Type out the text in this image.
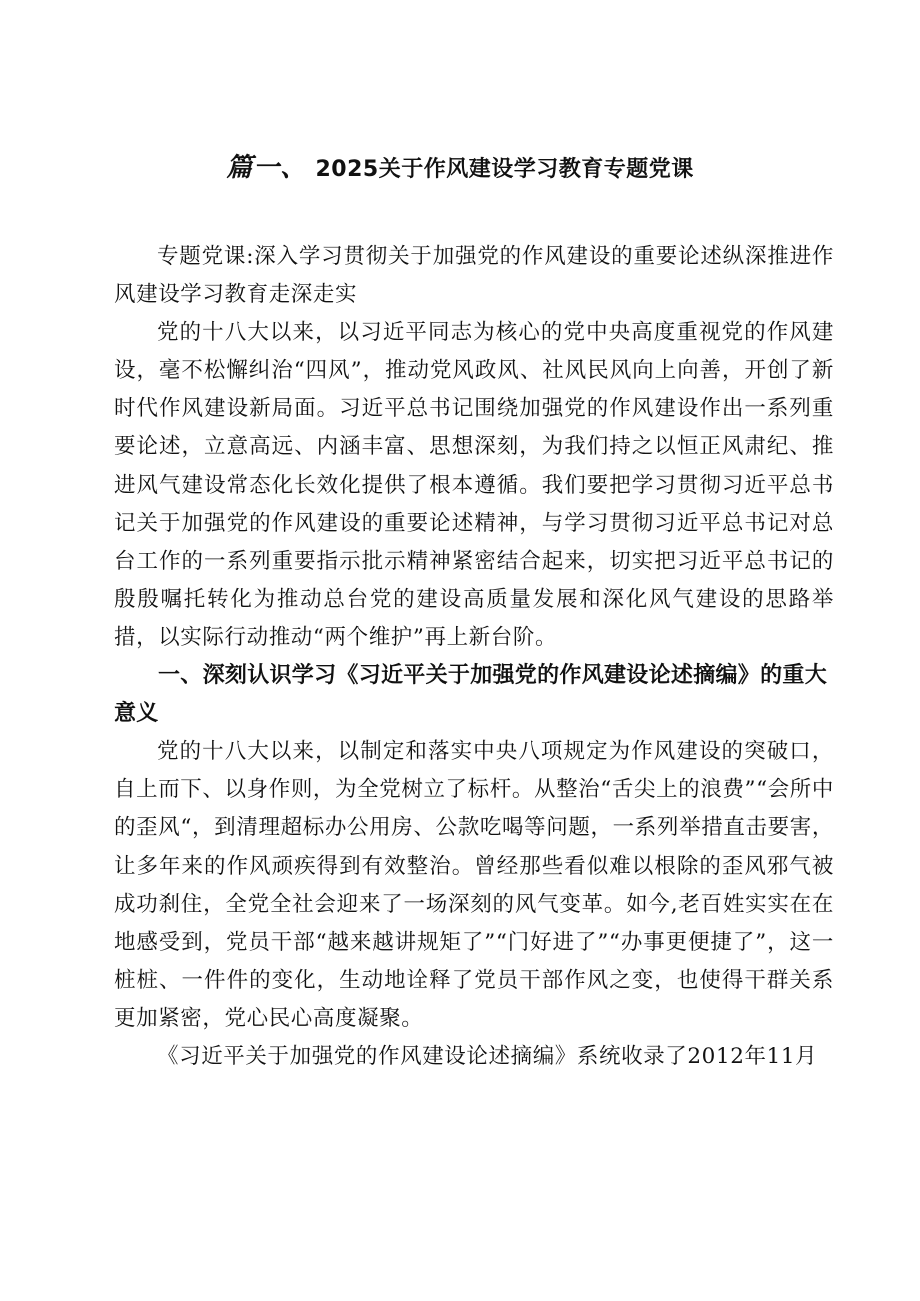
篇一、 2025关于作风建设学习教育专题党课

专题党课:深入学习贯彻关于加强党的作风建设的重要论述纵深推进作风建设学习教育走深走实

党的十八大以来，以习近平同志为核心的党中央高度重视党的作风建设，毫不松懈纠治“四风”，推动党风政风、社风民风向上向善，开创了新时代作风建设新局面。习近平总书记围绕加强党的作风建设作出一系列重要论述，立意高远、内涵丰富、思想深刻，为我们持之以恒正风肃纪、推进风气建设常态化长效化提供了根本遵循。我们要把学习贯彻习近平总书记关于加强党的作风建设的重要论述精神，与学习贯彻习近平总书记对总台工作的一系列重要指示批示精神紧密结合起来，切实把习近平总书记的殷殷嘱托转化为推动总台党的建设高质量发展和深化风气建设的思路举措，以实际行动推动“两个维护”再上新台阶。

一、深刻认识学习《习近平关于加强党的作风建设论述摘编》的重大意义

党的十八大以来，以制定和落实中央八项规定为作风建设的突破口，自上而下、以身作则，为全党树立了标杆。从整治“舌尖上的浪费”“会所中的歪风“，到清理超标办公用房、公款吃喝等问题，一系列举措直击要害，让多年来的作风顽疾得到有效整治。曾经那些看似难以根除的歪风邪气被成功刹住，全党全社会迎来了一场深刻的风气变革。如今,老百姓实实在在地感受到，党员干部“越来越讲规矩了”“门好进了”“办事更便捷了”，这一桩桩、一件件的变化，生动地诠释了党员干部作风之变，也使得干群关系更加紧密，党心民心高度凝聚。

《习近平关于加强党的作风建设论述摘编》系统收录了2012年11月
